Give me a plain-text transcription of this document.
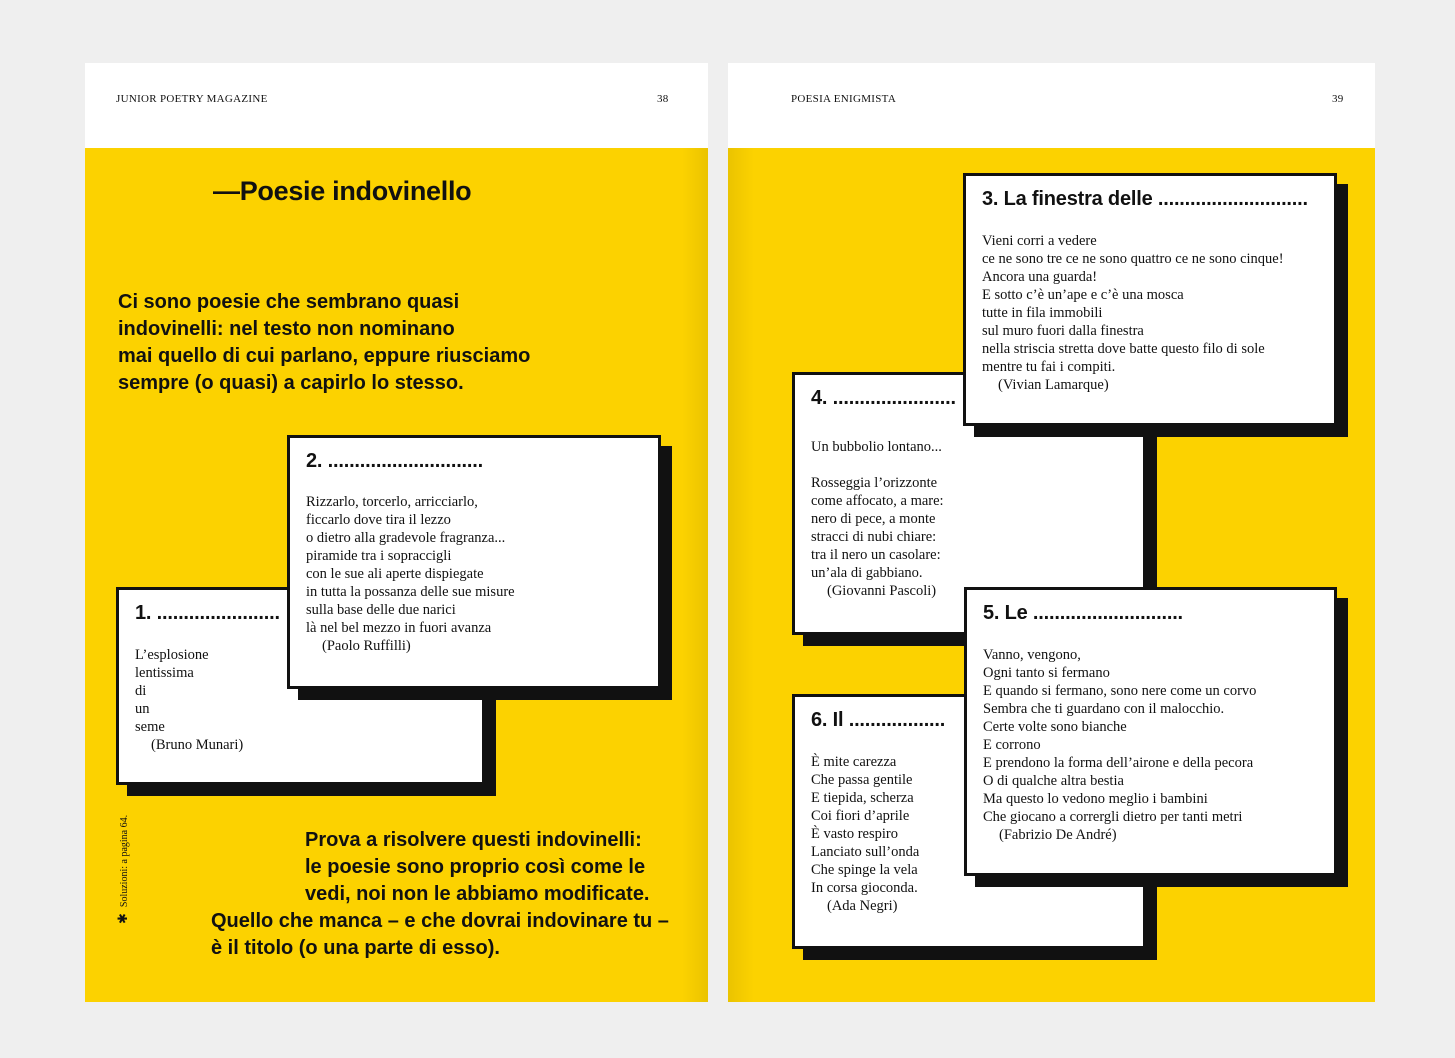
JUNIOR POETRY MAGAZINE	38
—Poesie indovinello

Ci sono poesie che sembrano quasi

indovinelli: nel testo non nominano

mai quello di cui parlano, eppure riusciamo

sempre (o quasi) a capirlo lo stesso.

1. .......................

L’esplosione

lentissima

di

un

seme

(Bruno Munari)

2. .............................

Rizzarlo, torcerlo, arricciarlo,

ficcarlo dove tira il lezzo

o dietro alla gradevole fragranza...

piramide tra i sopraccigli

con le sue ali aperte dispiegate

in tutta la possanza delle sue misure

sulla base delle due narici

là nel bel mezzo in fuori avanza

(Paolo Ruffilli)

✱Soluzioni: a pagina 64.	Prova a risolvere questi indovinelli:

le poesie sono proprio così come le

vedi, noi non le abbiamo modificate.

Quello che manca – e che dovrai indovinare tu –

è il titolo (o una parte di esso).

POESIA ENIGMISTA	39
4. .......................

Un bubbolio lontano...

Rosseggia l’orizzonte

come affocato, a mare:

nero di pece, a monte

stracci di nubi chiare:

tra il nero un casolare:

un’ala di gabbiano.

(Giovanni Pascoli)

3. La finestra delle ............................

Vieni corri a vedere

ce ne sono tre ce ne sono quattro ce ne sono cinque!

Ancora una guarda!

E sotto c’è un’ape e c’è una mosca

tutte in fila immobili

sul muro fuori dalla finestra

nella striscia stretta dove batte questo filo di sole

mentre tu fai i compiti.

(Vivian Lamarque)

6. Il ..................

È mite carezza

Che passa gentile

E tiepida, scherza

Coi fiori d’aprile

È vasto respiro

Lanciato sull’onda

Che spinge la vela

In corsa gioconda.

(Ada Negri)

5. Le ............................

Vanno, vengono,

Ogni tanto si fermano

E quando si fermano, sono nere come un corvo

Sembra che ti guardano con il malocchio.

Certe volte sono bianche

E corrono

E prendono la forma dell’airone e della pecora

O di qualche altra bestia

Ma questo lo vedono meglio i bambini

Che giocano a corrergli dietro per tanti metri

(Fabrizio De André)
